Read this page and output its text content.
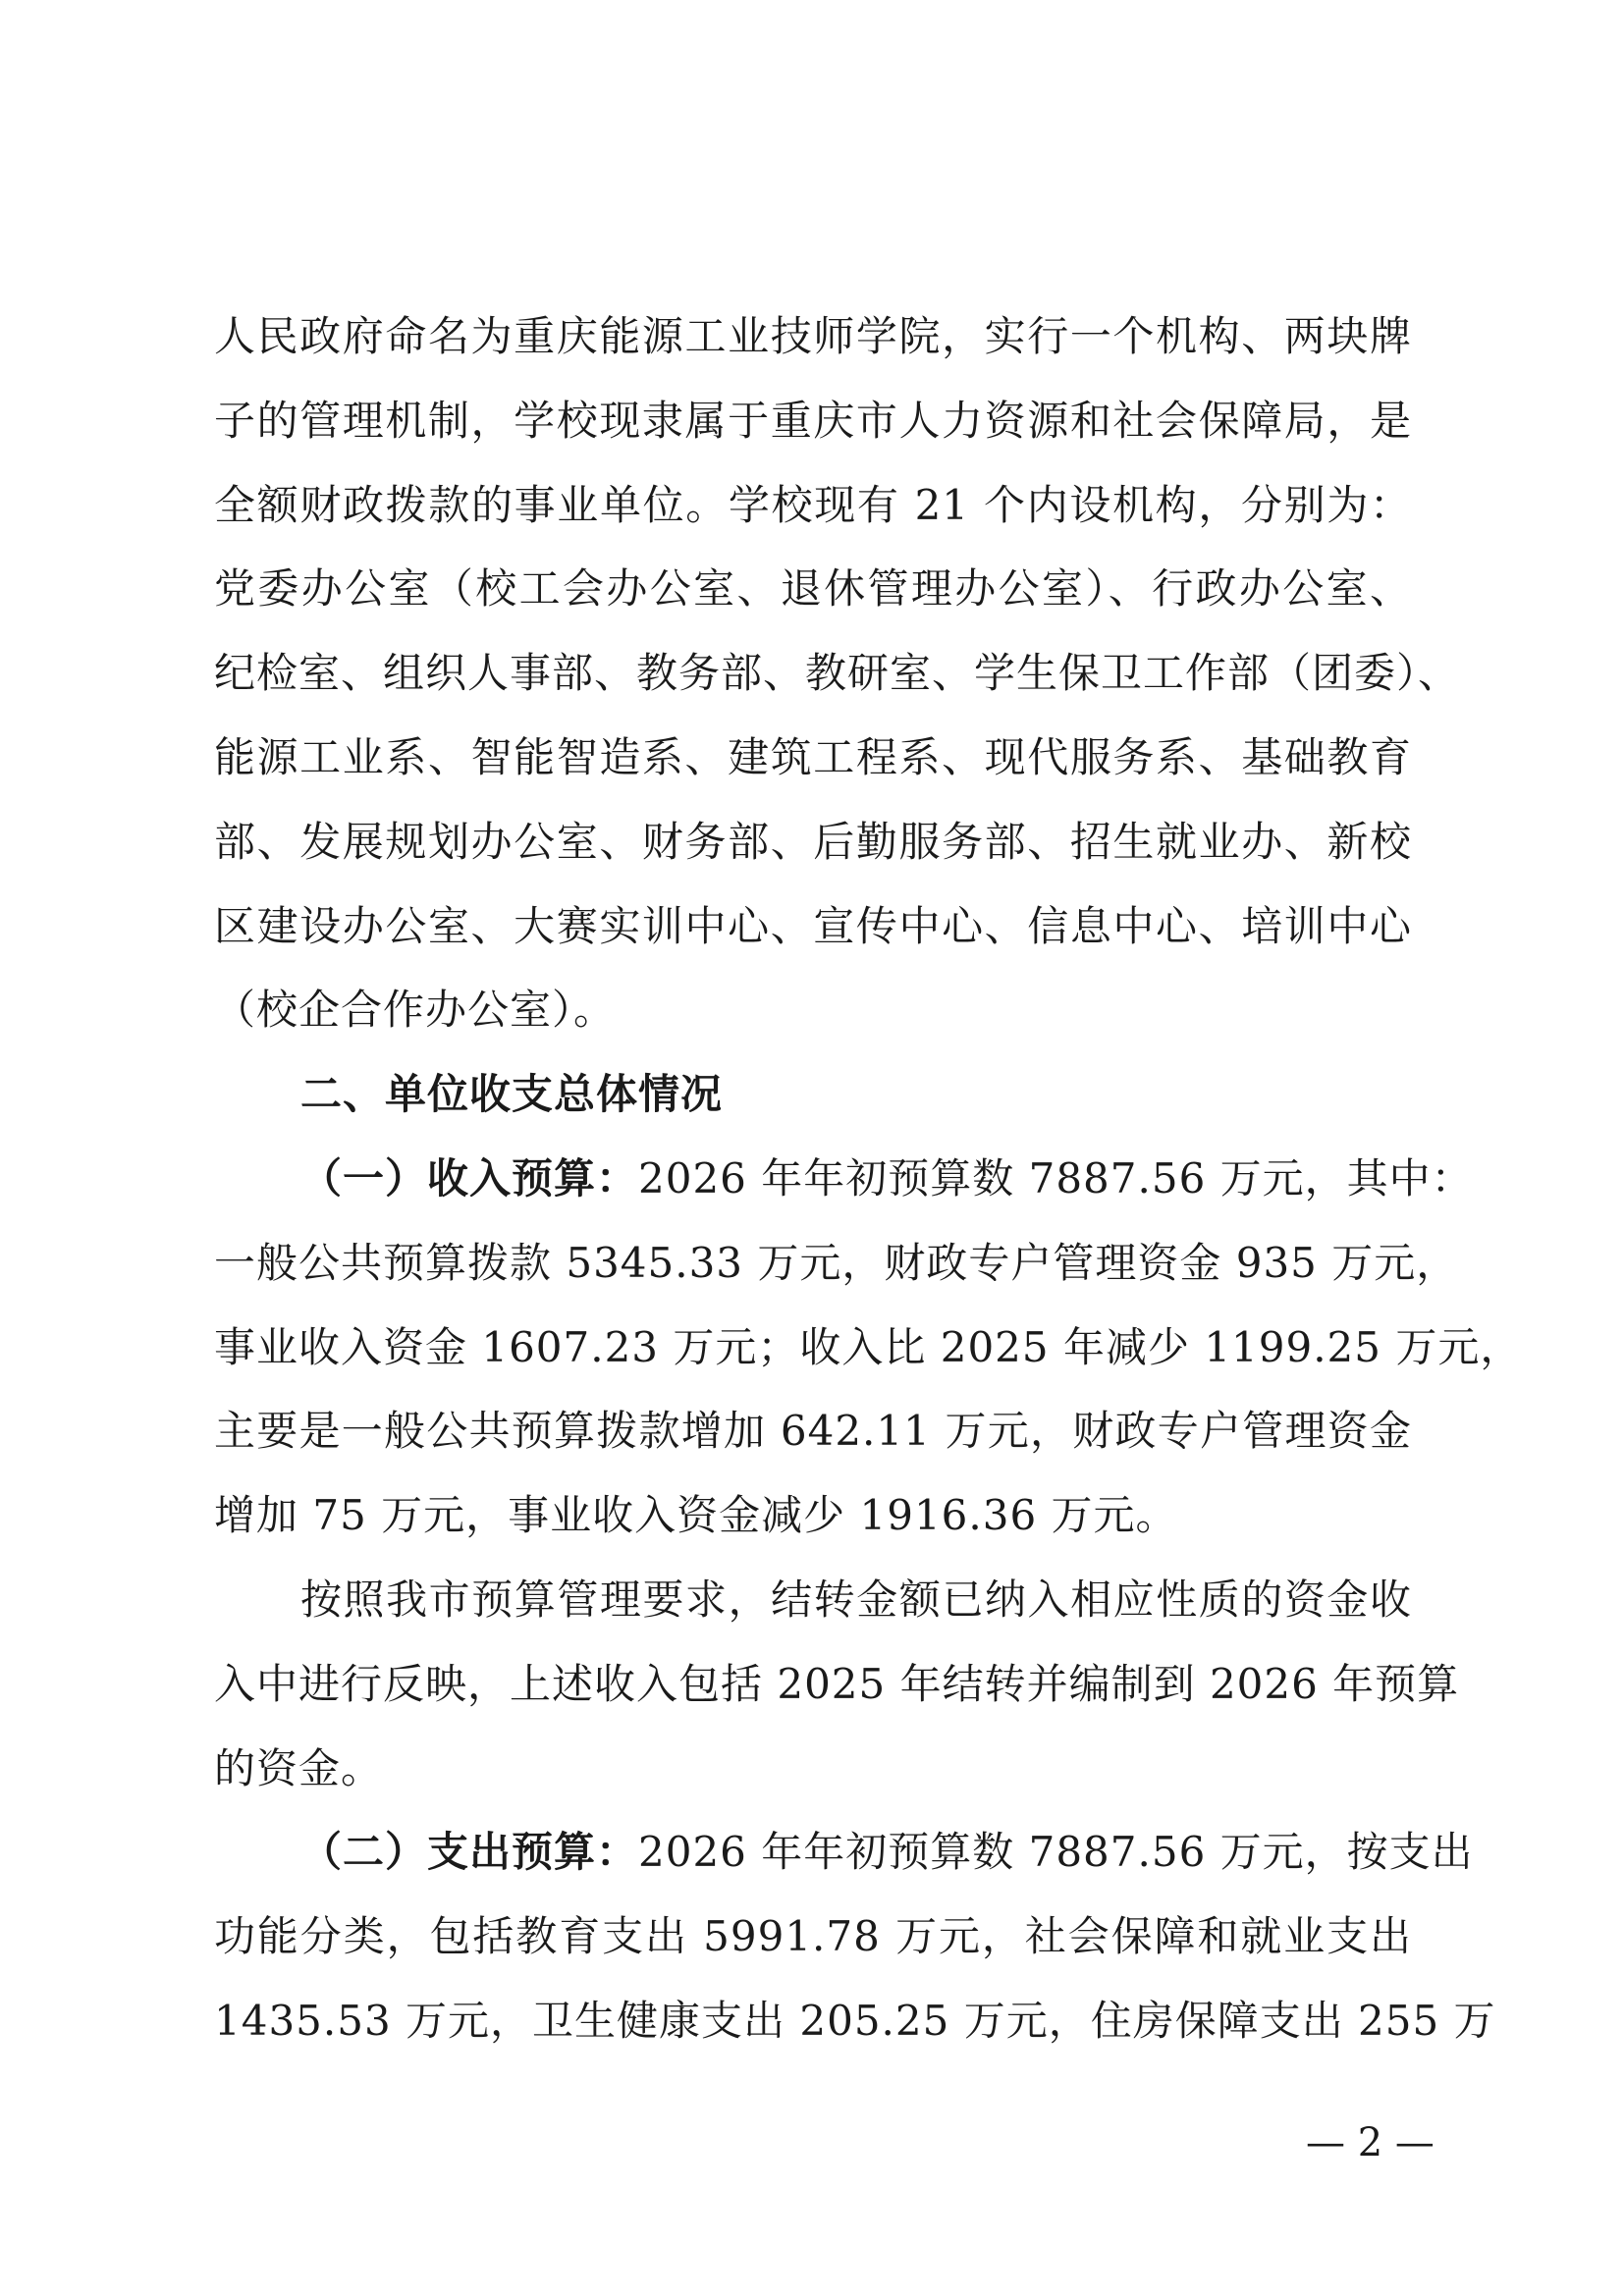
人民政府命名为重庆能源工业技师学院，实行一个机构、两块牌
子的管理机制，学校现隶属于重庆市人力资源和社会保障局，是
全额财政拨款的事业单位。学校现有 21 个内设机构，分别为：
党委办公室（校工会办公室、退休管理办公室）、行政办公室、
纪检室、组织人事部、教务部、教研室、学生保卫工作部（团委）、
能源工业系、智能智造系、建筑工程系、现代服务系、基础教育
部、发展规划办公室、财务部、后勤服务部、招生就业办、新校
区建设办公室、大赛实训中心、宣传中心、信息中心、培训中心
（校企合作办公室）。
二、单位收支总体情况
（一）收入预算：2026 年年初预算数 7887.56 万元，其中：
一般公共预算拨款 5345.33 万元，财政专户管理资金 935 万元，
事业收入资金 1607.23 万元；收入比 2025 年减少 1199.25 万元，
主要是一般公共预算拨款增加 642.11 万元，财政专户管理资金
增加 75 万元，事业收入资金减少 1916.36 万元。
按照我市预算管理要求，结转金额已纳入相应性质的资金收
入中进行反映，上述收入包括 2025 年结转并编制到 2026 年预算
的资金。
（二）支出预算：2026 年年初预算数 7887.56 万元，按支出
功能分类，包括教育支出 5991.78 万元，社会保障和就业支出
1435.53 万元，卫生健康支出 205.25 万元，住房保障支出 255 万
— 2 —
